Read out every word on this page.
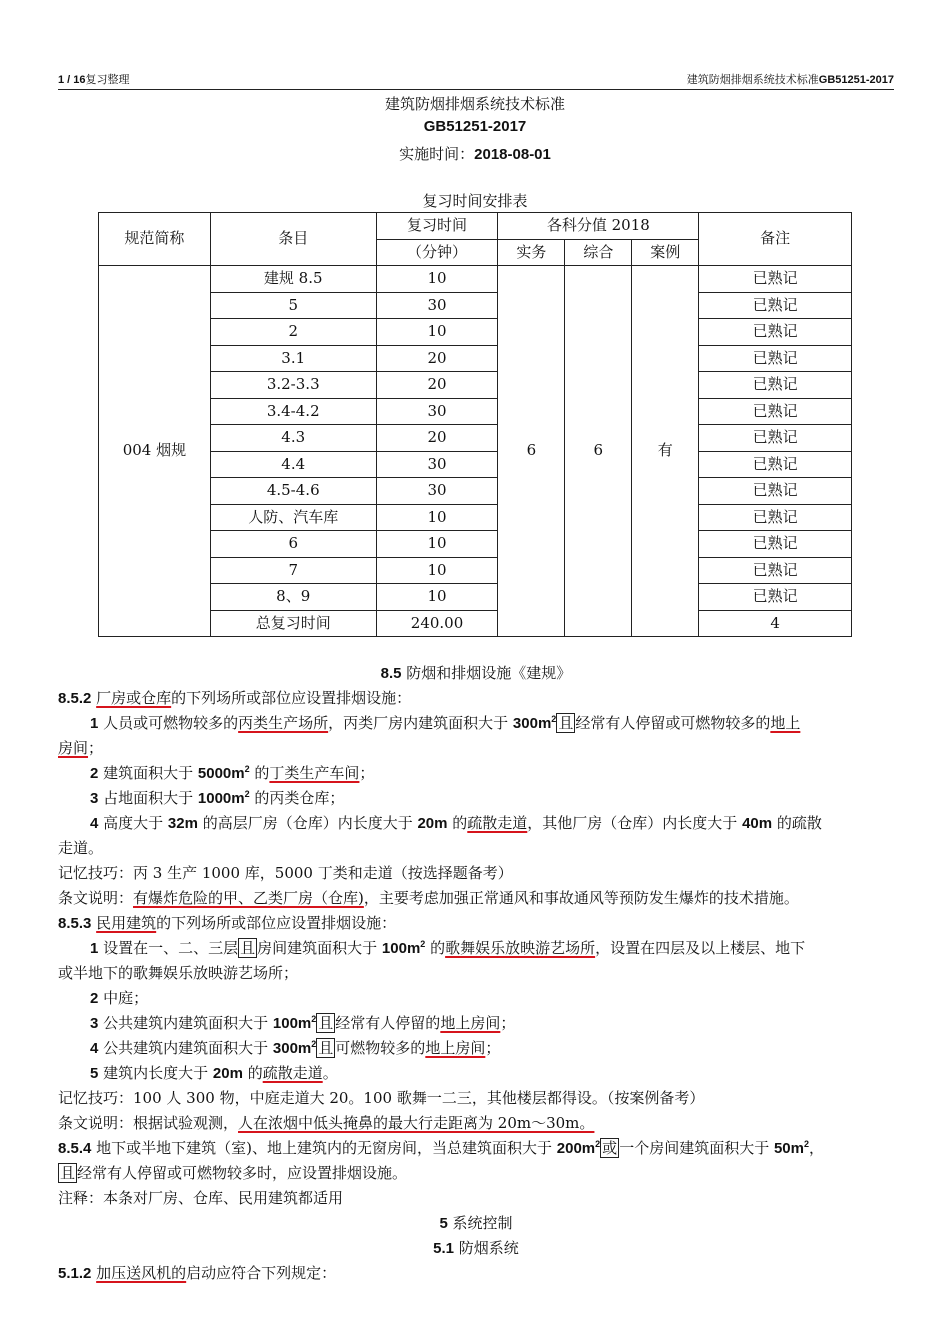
1 / 16复习整理	建筑防烟排烟系统技术标准GB51251-2017
建筑防烟排烟系统技术标准
GB51251-2017
实施时间：2018-08-01
复习时间安排表
规范简称	条目	复习时间	各科分值 2018			备注
		（分钟）	实务	综合	案例	
004 烟规	建规 8.5	10	6	6	有	已熟记
	5	30				已熟记
	2	10				已熟记
	3.1	20				已熟记
	3.2-3.3	20				已熟记
	3.4-4.2	30				已熟记
	4.3	20				已熟记
	4.4	30				已熟记
	4.5-4.6	30				已熟记
	人防、汽车库	10				已熟记
	6	10				已熟记
	7	10				已熟记
	8、9	10				已熟记
	总复习时间	240.00				4

8.5 防烟和排烟设施《建规》

8.5.2 厂房或仓库的下列场所或部位应设置排烟设施：

1 人员或可燃物较多的丙类生产场所，丙类厂房内建筑面积大于 $300m^2$ 且 经常有人停留或可燃物较多的地上

房间；

2 建筑面积大于 $5000m^2$ 的丁类生产车间；

3 占地面积大于 $1000m^2$ 的丙类仓库；

4 高度大于 32m 的高层厂房（仓库）内长度大于 20m 的疏散走道，其他厂房（仓库）内长度大于 40m 的疏散

走道。

记忆技巧：丙 3 生产 1000 库，5000 丁类和走道（按选择题备考）

条文说明：有爆炸危险的甲、乙类厂房（仓库)，主要考虑加强正常通风和事故通风等预防发生爆炸的技术措施。

8.5.3 民用建筑的下列场所或部位应设置排烟设施：

1 设置在一、二、三层 且 房间建筑面积大于 $100m^2$ 的歌舞娱乐放映游艺场所，设置在四层及以上楼层、地下

或半地下的歌舞娱乐放映游艺场所；

2 中庭；

3 公共建筑内建筑面积大于 $100m^2$ 且 经常有人停留的地上房间；

4 公共建筑内建筑面积大于 $300m^2$ 且 可燃物较多的地上房间；

5 建筑内长度大于 20m 的疏散走道。

记忆技巧：100 人 300 物，中庭走道大 20。100 歌舞一二三，其他楼层都得设。（按案例备考）

条文说明：根据试验观测，人在浓烟中低头掩鼻的最大行走距离为 20m～30m。

8.5.4 地下或半地下建筑（室)、地上建筑内的无窗房间，当总建筑面积大于 $200m^2$ 或 一个房间建筑面积大于 $50m^2$，

且 经常有人停留或可燃物较多时，应设置排烟设施。

注释：本条对厂房、仓库、民用建筑都适用

5 系统控制

5.1 防烟系统

5.1.2 加压送风机的启动应符合下列规定：
